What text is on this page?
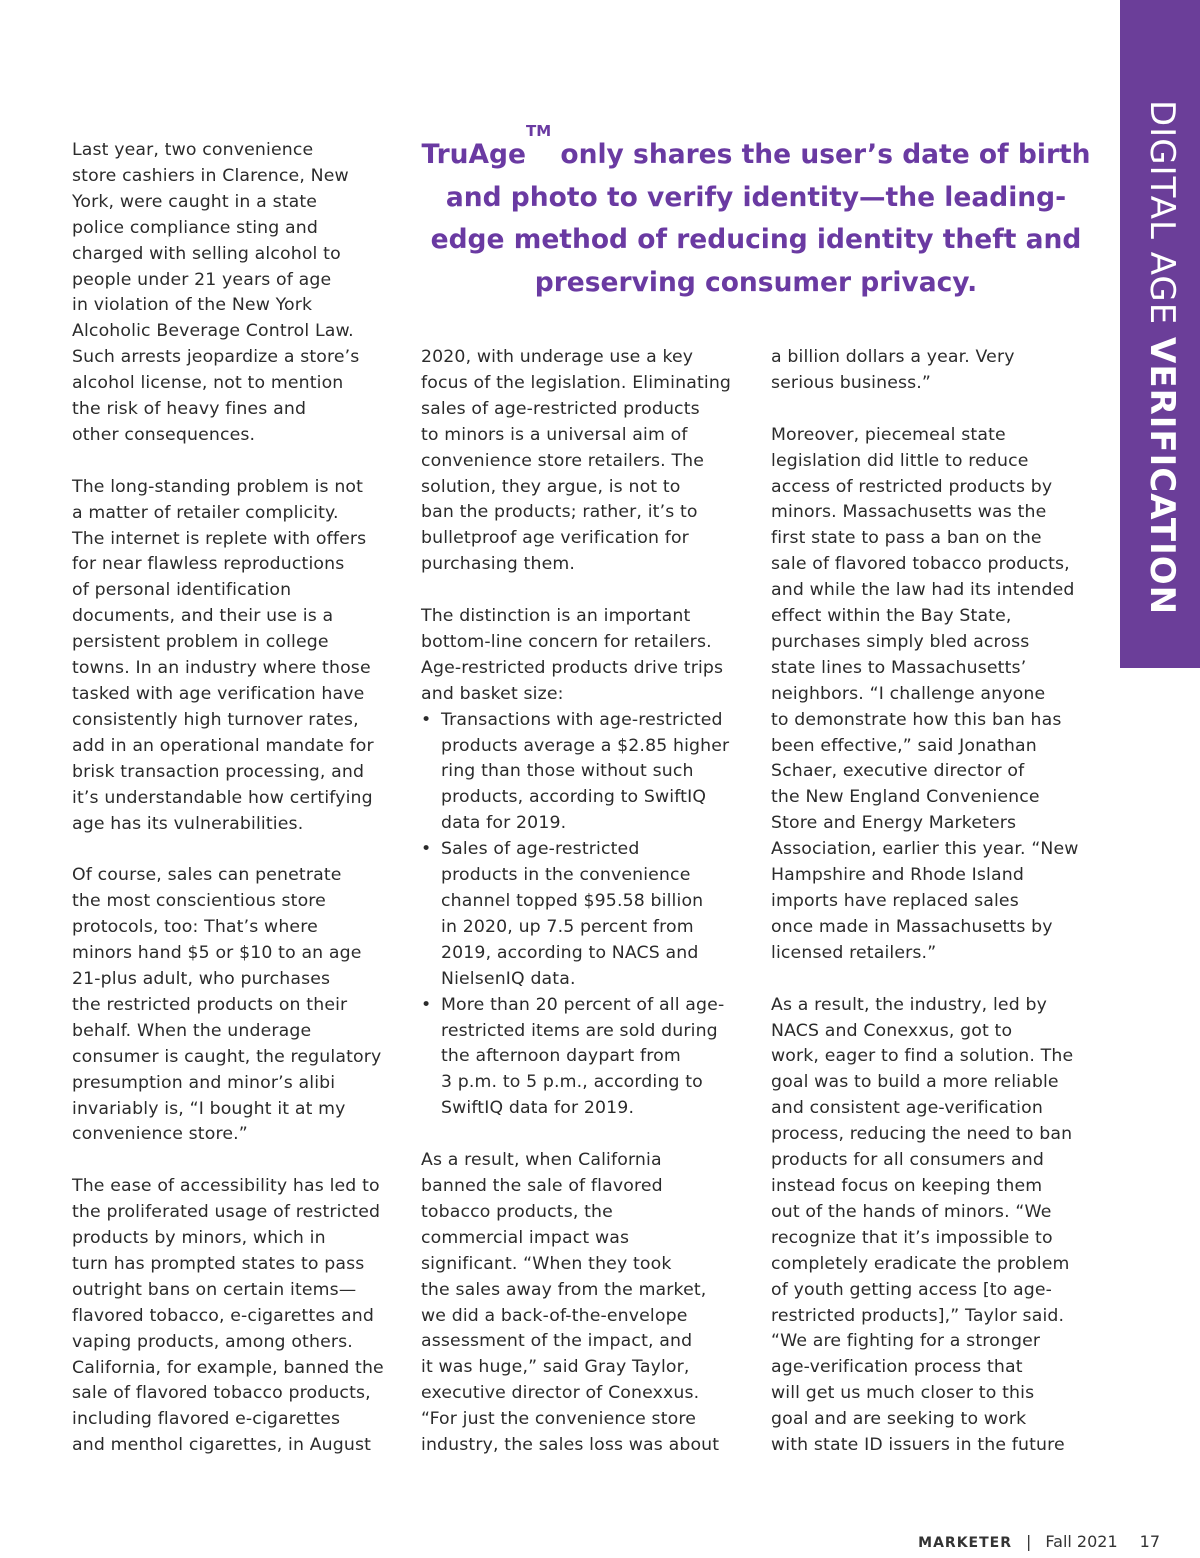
DIGITAL AGE VERIFICATION
TruAge™ only shares the user’s date of birth
and photo to verify identity—the leading-
edge method of reducing identity theft and
preserving consumer privacy.

Last year, two convenience
store cashiers in Clarence, New
York, were caught in a state
police compliance sting and
charged with selling alcohol to
people under 21 years of age
in violation of the New York
Alcoholic Beverage Control Law.
Such arrests jeopardize a store’s
alcohol license, not to mention
the risk of heavy fines and
other consequences.

The long-standing problem is not
a matter of retailer complicity.
The internet is replete with offers
for near flawless reproductions
of personal identification
documents, and their use is a
persistent problem in college
towns. In an industry where those
tasked with age verification have
consistently high turnover rates,
add in an operational mandate for
brisk transaction processing, and
it’s understandable how certifying
age has its vulnerabilities.

Of course, sales can penetrate
the most conscientious store
protocols, too: That’s where
minors hand $5 or $10 to an age
21-plus adult, who purchases
the restricted products on their
behalf. When the underage
consumer is caught, the regulatory
presumption and minor’s alibi
invariably is, “I bought it at my
convenience store.”

The ease of accessibility has led to
the proliferated usage of restricted
products by minors, which in
turn has prompted states to pass
outright bans on certain items—
flavored tobacco, e-cigarettes and
vaping products, among others.
California, for example, banned the
sale of flavored tobacco products,
including flavored e-cigarettes
and menthol cigarettes, in August

2020, with underage use a key
focus of the legislation. Eliminating
sales of age-restricted products
to minors is a universal aim of
convenience store retailers. The
solution, they argue, is not to
ban the products; rather, it’s to
bulletproof age verification for
purchasing them.

The distinction is an important
bottom-line concern for retailers.
Age-restricted products drive trips
and basket size:

• Transactions with age-restricted
products average a $2.85 higher
ring than those without such
products, according to SwiftIQ
data for 2019.
• Sales of age-restricted
products in the convenience
channel topped $95.58 billion
in 2020, up 7.5 percent from
2019, according to NACS and
NielsenIQ data.
• More than 20 percent of all age-
restricted items are sold during
the afternoon daypart from
3 p.m. to 5 p.m., according to
SwiftIQ data for 2019.

As a result, when California
banned the sale of flavored
tobacco products, the
commercial impact was
significant. “When they took
the sales away from the market,
we did a back-of-the-envelope
assessment of the impact, and
it was huge,” said Gray Taylor,
executive director of Conexxus.
“For just the convenience store
industry, the sales loss was about

a billion dollars a year. Very
serious business.”

Moreover, piecemeal state
legislation did little to reduce
access of restricted products by
minors. Massachusetts was the
first state to pass a ban on the
sale of flavored tobacco products,
and while the law had its intended
effect within the Bay State,
purchases simply bled across
state lines to Massachusetts’
neighbors. “I challenge anyone
to demonstrate how this ban has
been effective,” said Jonathan
Schaer, executive director of
the New England Convenience
Store and Energy Marketers
Association, earlier this year. “New
Hampshire and Rhode Island
imports have replaced sales
once made in Massachusetts by
licensed retailers.”

As a result, the industry, led by
NACS and Conexxus, got to
work, eager to find a solution. The
goal was to build a more reliable
and consistent age-verification
process, reducing the need to ban
products for all consumers and
instead focus on keeping them
out of the hands of minors. “We
recognize that it’s impossible to
completely eradicate the problem
of youth getting access [to age-
restricted products],” Taylor said.
“We are fighting for a stronger
age-verification process that
will get us much closer to this
goal and are seeking to work
with state ID issuers in the future

MARKETER | Fall 2021 17
